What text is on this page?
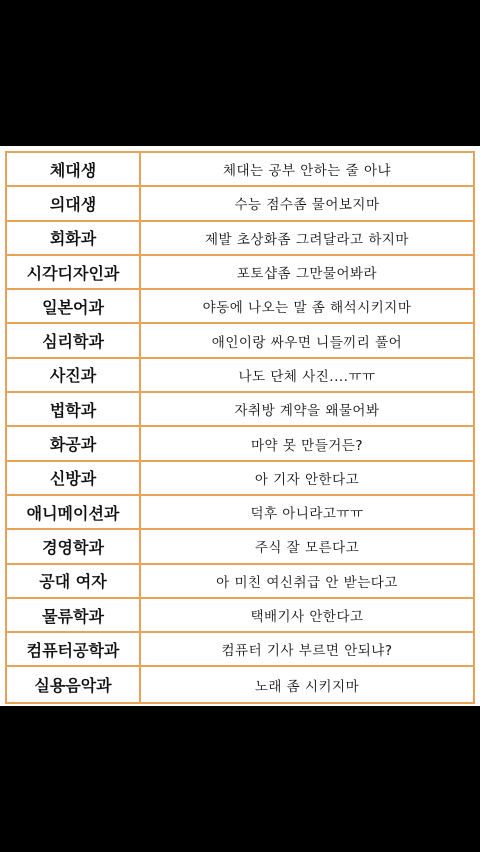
체대생	체대는 공부 안하는 줄 아냐
의대생	수능 점수좀 물어보지마
회화과	제발 초상화좀 그려달라고 하지마
시각디자인과	포토샵좀 그만물어봐라
일본어과	야동에 나오는 말 좀 해석시키지마
심리학과	애인이랑 싸우면 니들끼리 풀어
사진과	나도 단체 사진....ㅠㅠ
법학과	자취방 계약을 왜물어봐
화공과	마약 못 만들거든?
신방과	아 기자 안한다고
애니메이션과	덕후 아니라고ㅠㅠ
경영학과	주식 잘 모른다고
공대 여자	아 미친 여신취급 안 받는다고
물류학과	택배기사 안한다고
컴퓨터공학과	컴퓨터 기사 부르면 안되냐?
실용음악과	노래 좀 시키지마
